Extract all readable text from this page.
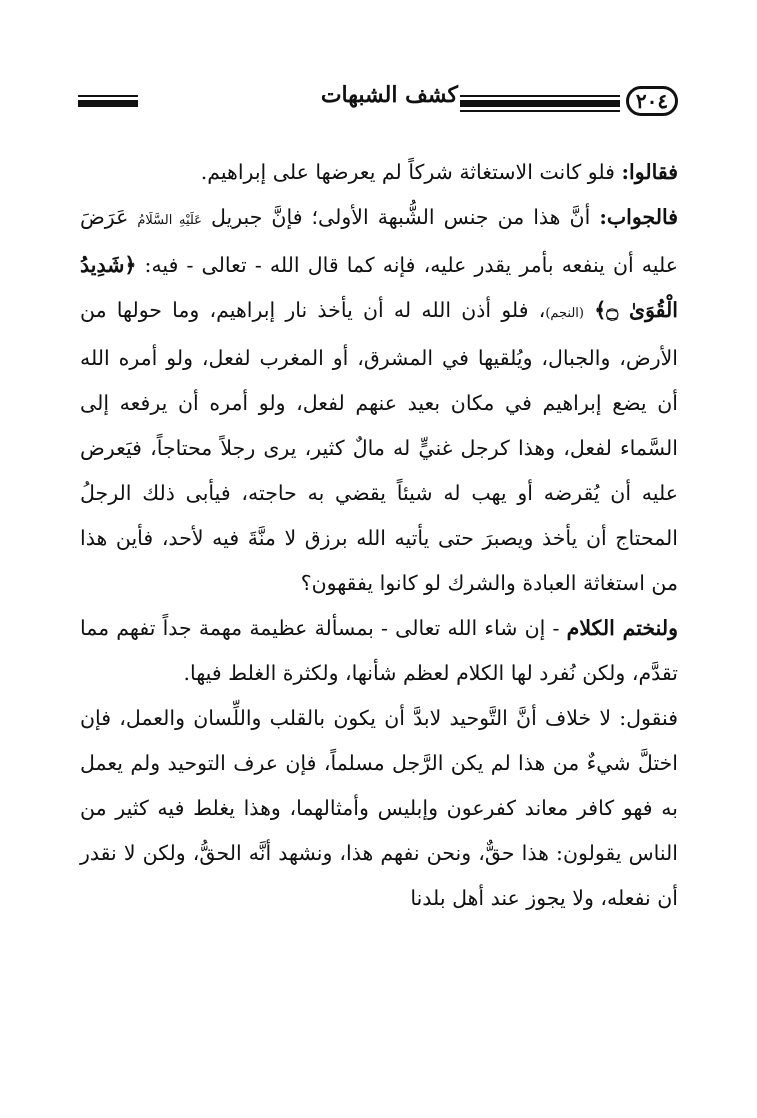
٢٠٤
كشف الشبهات

فقالوا: فلو كانت الاستغاثة شركاً لم يعرضها على إبراهيم.

فالجواب: أنَّ هذا من جنس الشُّبهة الأولى؛ فإنَّ جبريل عَلَيْهِ السَّلَامُ عَرَضَ عليه أن ينفعه بأمر يقدر عليه، فإنه كما قال الله - تعالى - فيه: ﴿شَدِيدُ الْقُوَىٰ ۝﴾ (النجم)، فلو أذن الله له أن يأخذ نار إبراهيم، وما حولها من الأرض، والجبال، ويُلقيها في المشرق، أو المغرب لفعل، ولو أمره الله أن يضع إبراهيم في مكان بعيد عنهم لفعل، ولو أمره أن يرفعه إلى السَّماء لفعل، وهذا كرجل غنيٍّ له مالٌ كثير، يرى رجلاً محتاجاً، فيَعرض عليه أن يُقرضه أو يهب له شيئاً يقضي به حاجته، فيأبى ذلك الرجلُ المحتاج أن يأخذ ويصبرَ حتى يأتيه الله برزق لا منَّةَ فيه لأحد، فأين هذا من استغاثة العبادة والشرك لو كانوا يفقهون؟

ولنختم الكلام - إن شاء الله تعالى - بمسألة عظيمة مهمة جداً تفهم مما تقدَّم، ولكن نُفرد لها الكلام لعظم شأنها، ولكثرة الغلط فيها.

فنقول: لا خلاف أنَّ التَّوحيد لابدَّ أن يكون بالقلب واللِّسان والعمل، فإن اختلَّ شيءٌ من هذا لم يكن الرَّجل مسلماً، فإن عرف التوحيد ولم يعمل به فهو كافر معاند كفرعون وإبليس وأمثالهما، وهذا يغلط فيه كثير من الناس يقولون: هذا حقٌّ، ونحن نفهم هذا، ونشهد أنَّه الحقُّ، ولكن لا نقدر أن نفعله، ولا يجوز عند أهل بلدنا
